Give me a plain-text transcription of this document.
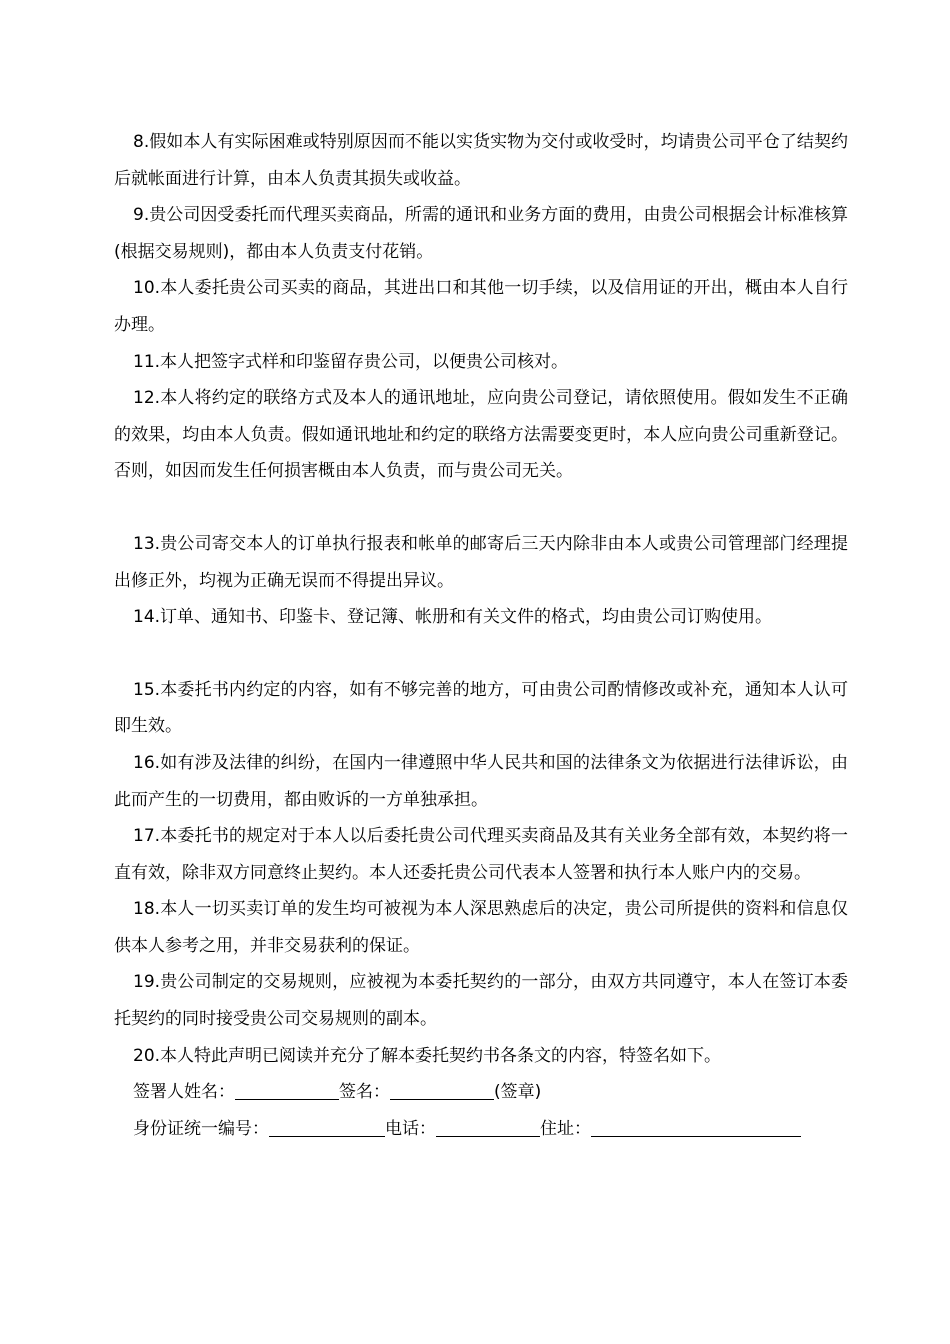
8.假如本人有实际困难或特别原因而不能以实货实物为交付或收受时，均请贵公司平仓了结契约后就帐面进行计算，由本人负责其损失或收益。

9.贵公司因受委托而代理买卖商品，所需的通讯和业务方面的费用，由贵公司根据会计标准核算(根据交易规则)，都由本人负责支付花销。

10.本人委托贵公司买卖的商品，其进出口和其他一切手续，以及信用证的开出，概由本人自行办理。

11.本人把签字式样和印鉴留存贵公司，以便贵公司核对。

12.本人将约定的联络方式及本人的通讯地址，应向贵公司登记，请依照使用。假如发生不正确的效果，均由本人负责。假如通讯地址和约定的联络方法需要变更时，本人应向贵公司重新登记。否则，如因而发生任何损害概由本人负责，而与贵公司无关。

13.贵公司寄交本人的订单执行报表和帐单的邮寄后三天内除非由本人或贵公司管理部门经理提出修正外，均视为正确无误而不得提出异议。

14.订单、通知书、印鉴卡、登记簿、帐册和有关文件的格式，均由贵公司订购使用。

15.本委托书内约定的内容，如有不够完善的地方，可由贵公司酌情修改或补充，通知本人认可即生效。

16.如有涉及法律的纠纷，在国内一律遵照中华人民共和国的法律条文为依据进行法律诉讼，由此而产生的一切费用，都由败诉的一方单独承担。

17.本委托书的规定对于本人以后委托贵公司代理买卖商品及其有关业务全部有效，本契约将一直有效，除非双方同意终止契约。本人还委托贵公司代表本人签署和执行本人账户内的交易。

18.本人一切买卖订单的发生均可被视为本人深思熟虑后的决定，贵公司所提供的资料和信息仅供本人参考之用，并非交易获利的保证。

19.贵公司制定的交易规则，应被视为本委托契约的一部分，由双方共同遵守，本人在签订本委托契约的同时接受贵公司交易规则的副本。

20.本人特此声明已阅读并充分了解本委托契约书各条文的内容，特签名如下。

签署人姓名：	签名：	(签章)
身份证统一编号：	电话：	住址：
